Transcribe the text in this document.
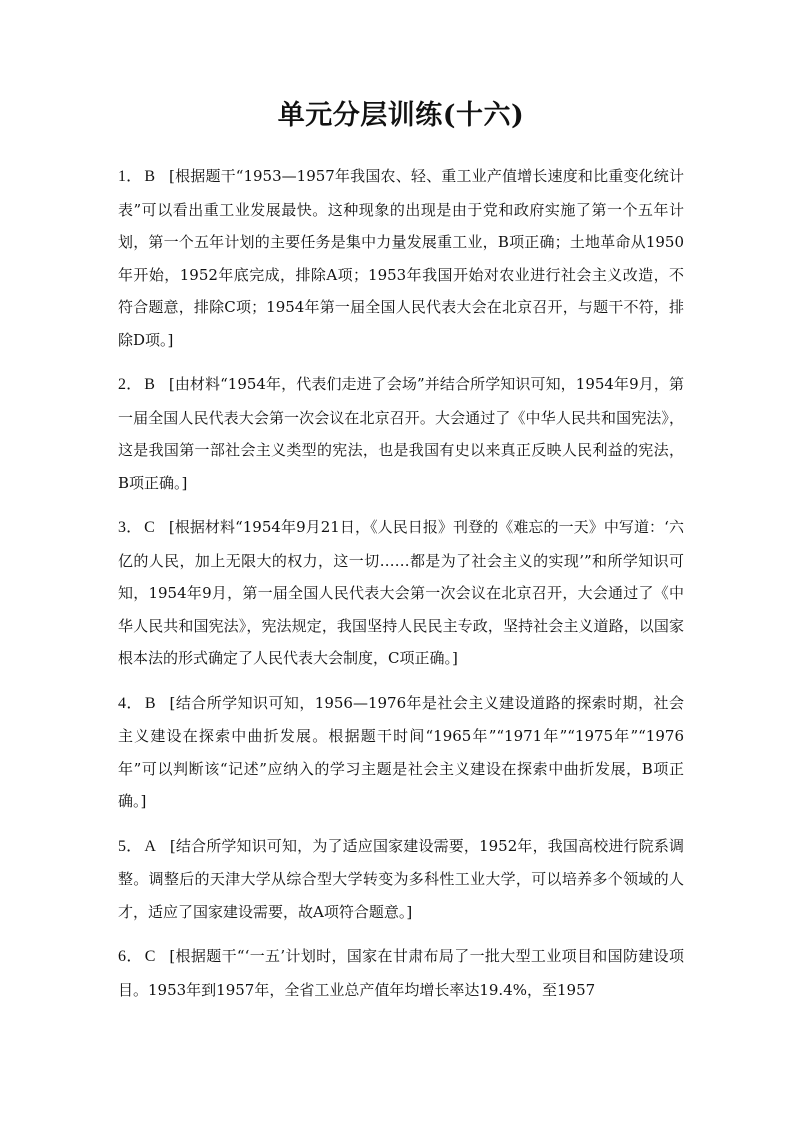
单元分层训练(十六)

1． B [根据题干“1953—1957年我国农、轻、重工业产值增长速度和比重变化统计表”可以看出重工业发展最快。这种现象的出现是由于党和政府实施了第一个五年计划，第一个五年计划的主要任务是集中力量发展重工业，B项正确；土地革命从1950年开始，1952年底完成，排除A项；1953年我国开始对农业进行社会主义改造，不符合题意，排除C项；1954年第一届全国人民代表大会在北京召开，与题干不符，排除D项。]

2． B [由材料“1954年，代表们走进了会场”并结合所学知识可知，1954年9月，第一届全国人民代表大会第一次会议在北京召开。大会通过了《中华人民共和国宪法》，这是我国第一部社会主义类型的宪法，也是我国有史以来真正反映人民利益的宪法，B项正确。]

3． C [根据材料“1954年9月21日，《人民日报》刊登的《难忘的一天》中写道：‘六亿的人民，加上无限大的权力，这一切……都是为了社会主义的实现’”和所学知识可知，1954年9月，第一届全国人民代表大会第一次会议在北京召开，大会通过了《中华人民共和国宪法》，宪法规定，我国坚持人民民主专政，坚持社会主义道路，以国家根本法的形式确定了人民代表大会制度，C项正确。]

4． B [结合所学知识可知，1956—1976年是社会主义建设道路的探索时期，社会主义建设在探索中曲折发展。根据题干时间“1965年”“1971年”“1975年”“1976年”可以判断该“记述”应纳入的学习主题是社会主义建设在探索中曲折发展，B项正确。]

5． A [结合所学知识可知，为了适应国家建设需要，1952年，我国高校进行院系调整。调整后的天津大学从综合型大学转变为多科性工业大学，可以培养多个领域的人才，适应了国家建设需要，故A项符合题意。]

6． C [根据题干“‘一五’计划时，国家在甘肃布局了一批大型工业项目和国防建设项目。1953年到1957年，全省工业总产值年均增长率达19.4%，至1957
